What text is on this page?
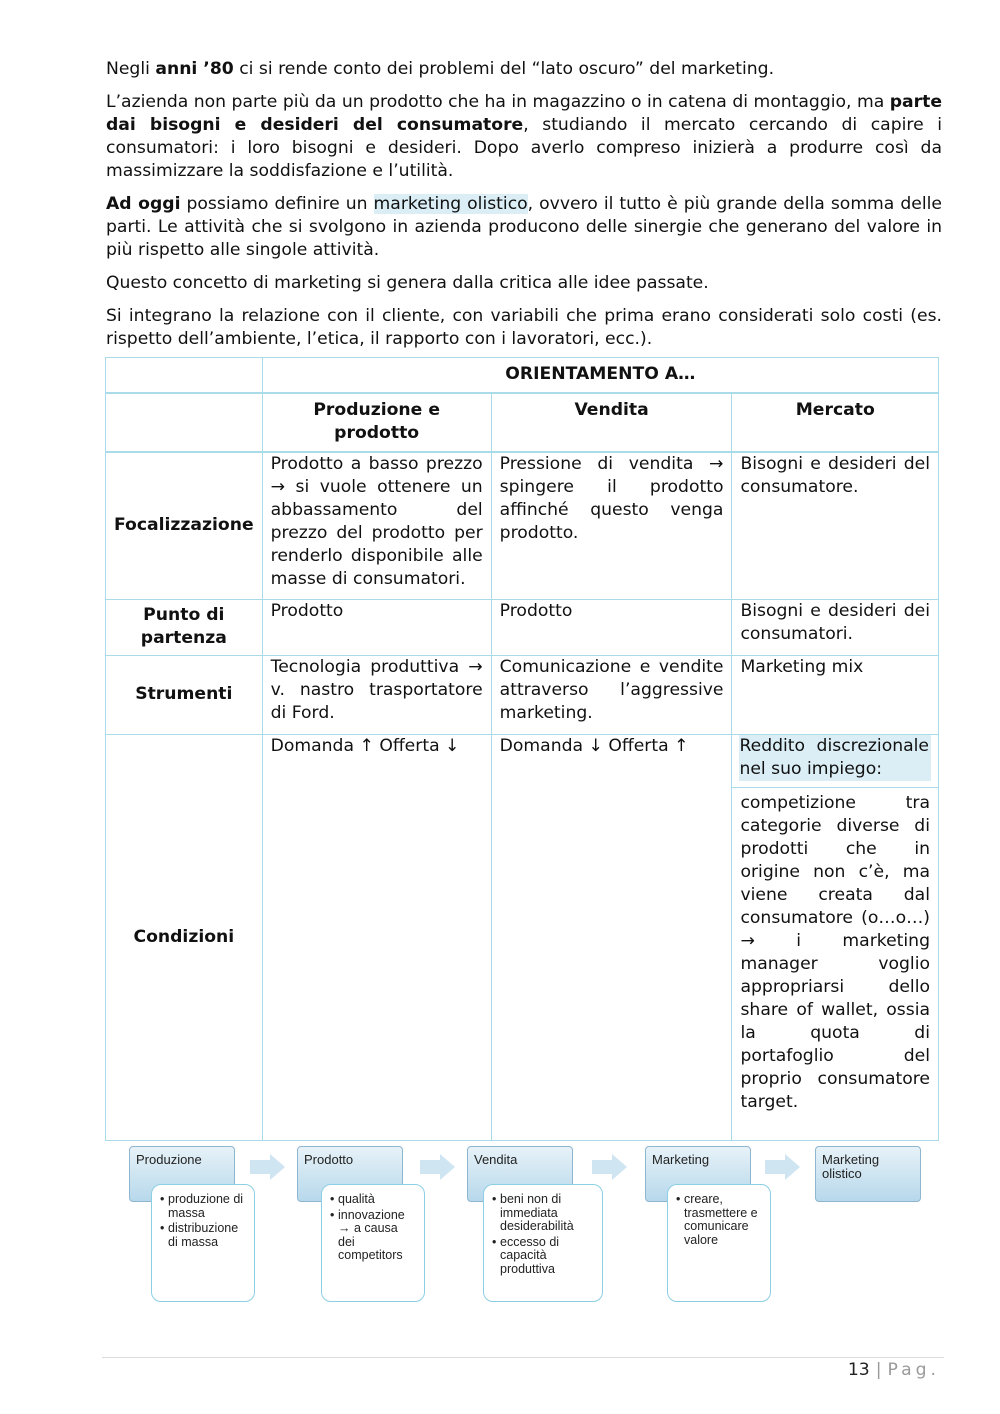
Negli anni ’80 ci si rende conto dei problemi del “lato oscuro” del marketing.

L’azienda non parte più da un prodotto che ha in magazzino o in catena di montaggio, ma parte dai bisogni e desideri del consumatore, studiando il mercato cercando di capire i consumatori: i loro bisogni e desideri. Dopo averlo compreso inizierà a produrre così da massimizzare la soddisfazione e l’utilità.

Ad oggi possiamo definire un marketing olistico, ovvero il tutto è più grande della somma delle parti. Le attività che si svolgono in azienda producono delle sinergie che generano del valore in più rispetto alle singole attività.

Questo concetto di marketing si genera dalla critica alle idee passate.

Si integrano la relazione con il cliente, con variabili che prima erano considerati solo costi (es. rispetto dell’ambiente, l’etica, il rapporto con i lavoratori, ecc.).

	ORIENTAMENTO A…		
	Produzione e prodotto	Vendita	Mercato
Focalizzazione	Prodotto a basso prezzo → si vuole ottenere un abbassamento del prezzo del prodotto per renderlo disponibile alle masse di consumatori.	Pressione di vendita → spingere il prodotto affinché questo venga prodotto.	Bisogni e desideri del consumatore.
Punto di partenza	Prodotto	Prodotto	Bisogni e desideri dei consumatori.
Strumenti	Tecnologia produttiva → v. nastro trasportatore di Ford.	Comunicazione e vendite attraverso l’aggressive marketing.	Marketing mix
Condizioni	Domanda ↑ Offerta ↓	Domanda ↓ Offerta ↑	Reddito discrezionale nel suo impiego:
competizione tra categorie diverse di prodotti che in origine non c’è, ma viene creata dal consumatore (o…o…) → i marketing manager voglio appropriarsi dello share of wallet, ossia la quota di portafoglio del proprio consumatore target.
Produzione
• produzione di massa
• distribuzione di massa
Prodotto
• qualità
• innovazione → a causa dei competitors
Vendita
• beni non di immediata desiderabilità
• eccesso di capacità produttiva
Marketing
• creare, trasmettere e comunicare valore
Marketing olistico
13 | Pag.
